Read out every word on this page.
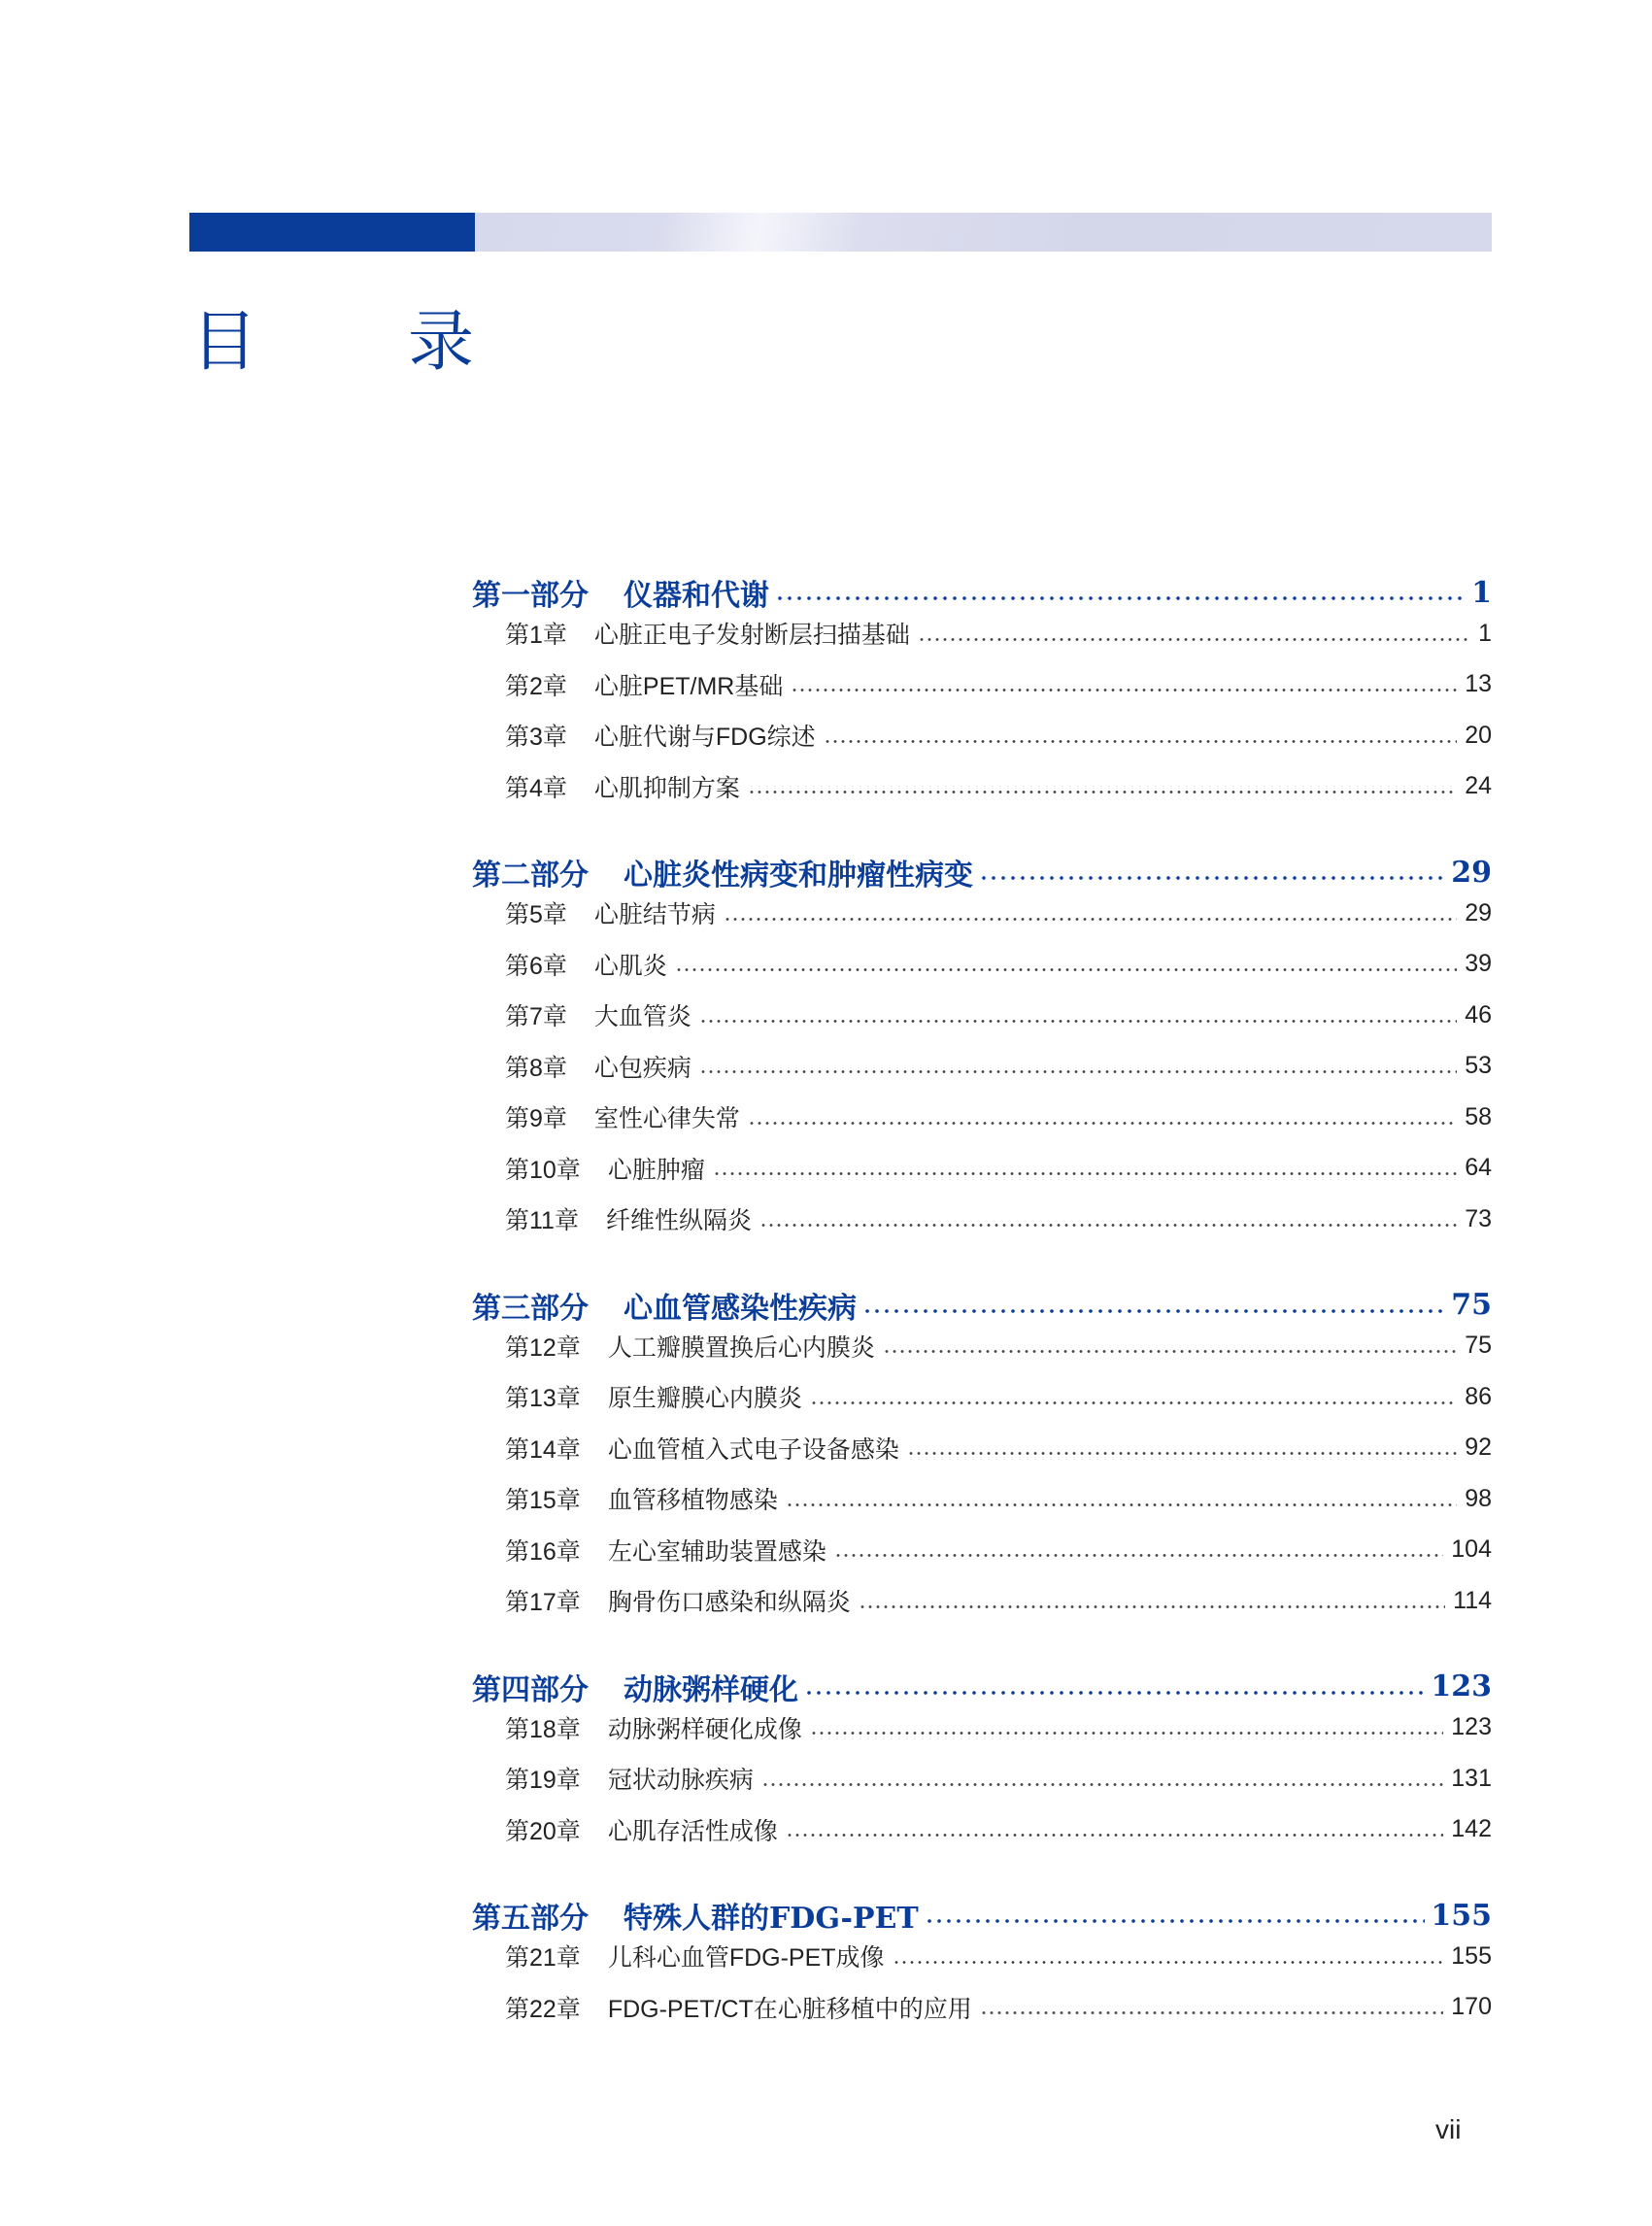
目 录
第一部分 仪器和代谢	1
第1章 心脏正电子发射断层扫描基础	1
第2章 心脏PET/MR基础	13
第3章 心脏代谢与FDG综述	20
第4章 心肌抑制方案	24
第二部分 心脏炎性病变和肿瘤性病变	29
第5章 心脏结节病	29
第6章 心肌炎	39
第7章 大血管炎	46
第8章 心包疾病	53
第9章 室性心律失常	58
第10章 心脏肿瘤	64
第11章 纤维性纵隔炎	73
第三部分 心血管感染性疾病	75
第12章 人工瓣膜置换后心内膜炎	75
第13章 原生瓣膜心内膜炎	86
第14章 心血管植入式电子设备感染	92
第15章 血管移植物感染	98
第16章 左心室辅助装置感染	104
第17章 胸骨伤口感染和纵隔炎	114
第四部分 动脉粥样硬化	123
第18章 动脉粥样硬化成像	123
第19章 冠状动脉疾病	131
第20章 心肌存活性成像	142
第五部分 特殊人群的FDG-PET	155
第21章 儿科心血管FDG-PET成像	155
第22章 FDG-PET/CT在心脏移植中的应用	170
vii
